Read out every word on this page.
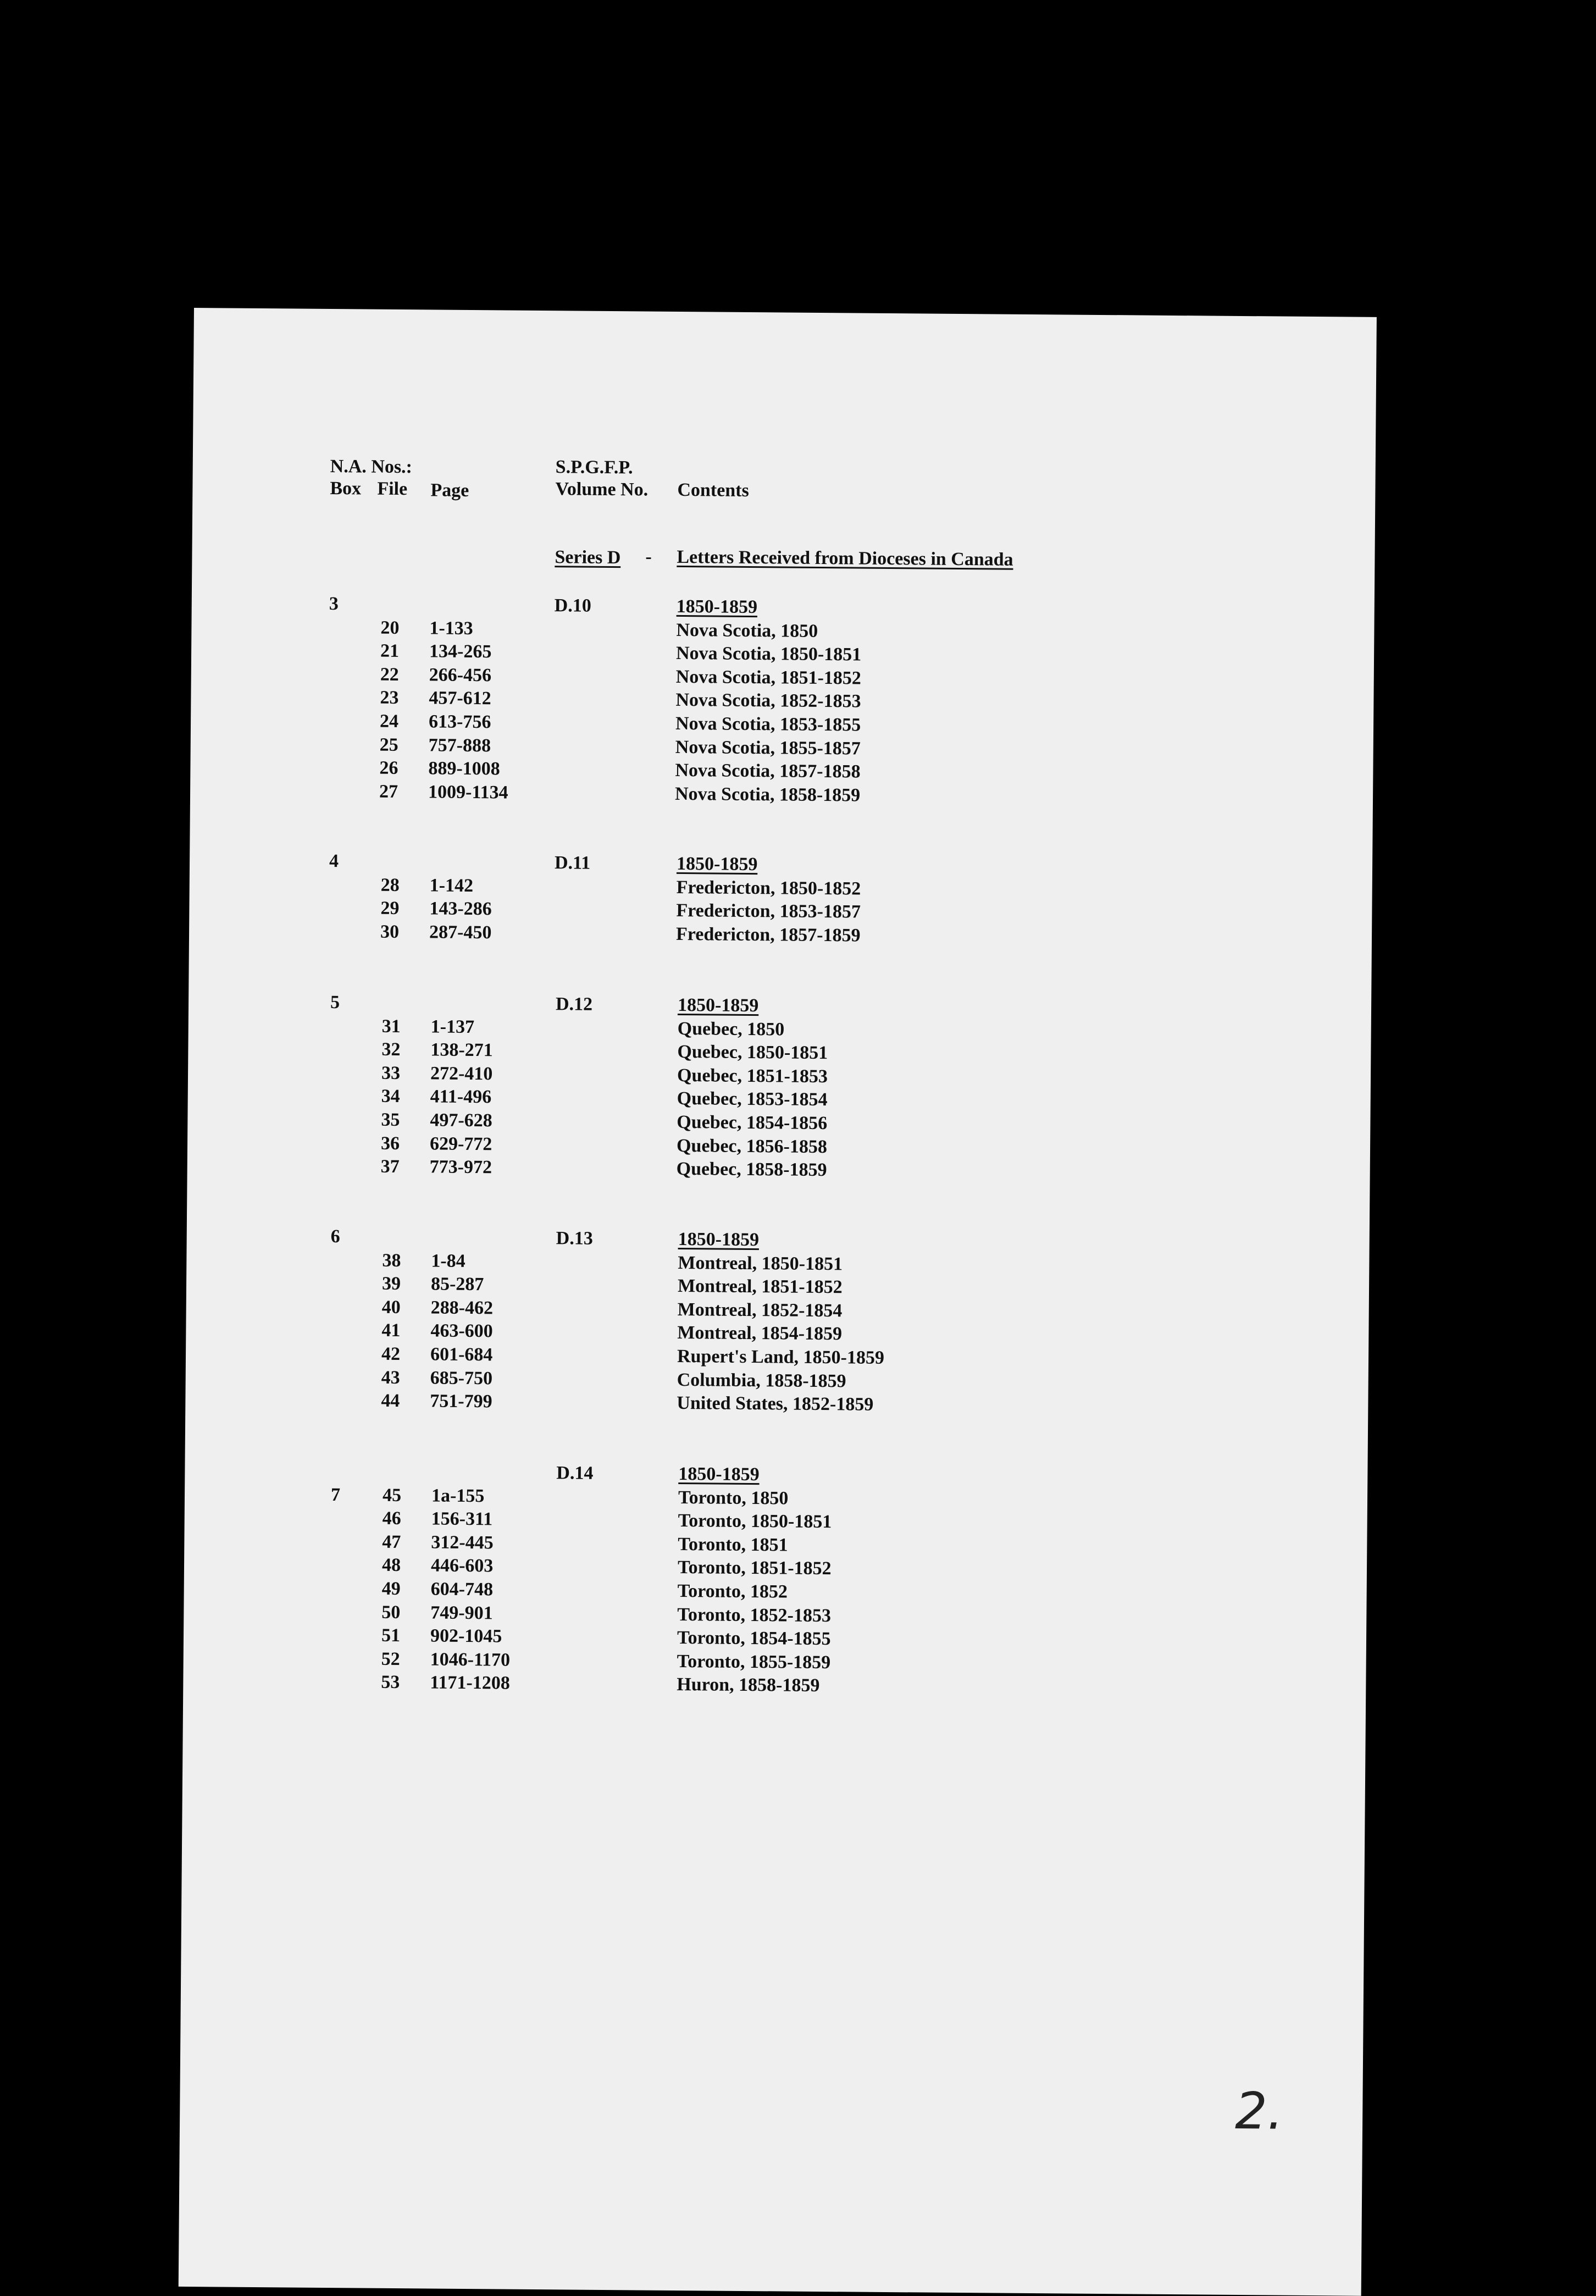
N.A. Nos.:
Box File Page
S.P.G.F.P.
Volume No. Contents
Series D - Letters Received from Dioceses in Canada
3	D.10	1850-1859
20 1-133	Nova Scotia, 1850
21 134-265	Nova Scotia, 1850-1851
22 266-456	Nova Scotia, 1851-1852
23 457-612	Nova Scotia, 1852-1853
24 613-756	Nova Scotia, 1853-1855
25 757-888	Nova Scotia, 1855-1857
26 889-1008	Nova Scotia, 1857-1858
27 1009-1134	Nova Scotia, 1858-1859
4	D.11	1850-1859
28 1-142	Fredericton, 1850-1852
29 143-286	Fredericton, 1853-1857
30 287-450	Fredericton, 1857-1859
5	D.12	1850-1859
31 1-137	Quebec, 1850
32 138-271	Quebec, 1850-1851
33 272-410	Quebec, 1851-1853
34 411-496	Quebec, 1853-1854
35 497-628	Quebec, 1854-1856
36 629-772	Quebec, 1856-1858
37 773-972	Quebec, 1858-1859
6	D.13	1850-1859
38 1-84	Montreal, 1850-1851
39 85-287	Montreal, 1851-1852
40 288-462	Montreal, 1852-1854
41 463-600	Montreal, 1854-1859
42 601-684	Rupert's Land, 1850-1859
43 685-750	Columbia, 1858-1859
44 751-799	United States, 1852-1859
D.14	1850-1859
7	45 1a-155	Toronto, 1850
46 156-311	Toronto, 1850-1851
47 312-445	Toronto, 1851
48 446-603	Toronto, 1851-1852
49 604-748	Toronto, 1852
50 749-901	Toronto, 1852-1853
51 902-1045	Toronto, 1854-1855
52 1046-1170	Toronto, 1855-1859
53 1171-1208	Huron, 1858-1859
2.
